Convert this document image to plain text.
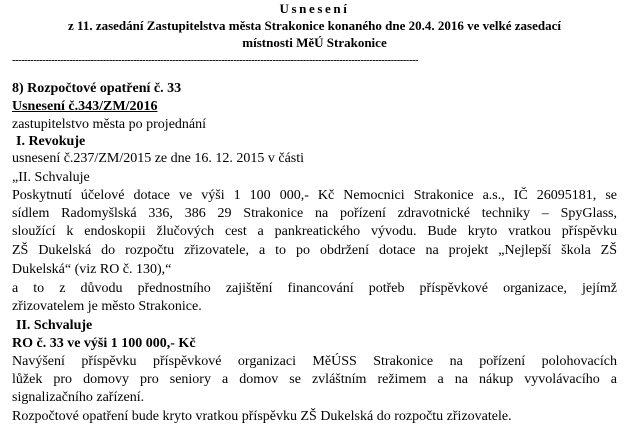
Usnesení
z 11. zasedání Zastupitelstva města Strakonice konaného dne 20.4. 2016 ve velké zasedací
místnosti MěÚ Strakonice
--------------------------------------------------------------------------------------------------------------------------------------
8) Rozpočtové opatření č. 33
Usnesení č.343/ZM/2016
zastupitelstvo města po projednání
I. Revokuje
usnesení č.237/ZM/2015 ze dne 16. 12. 2015 v části
„II. Schvaluje
Poskytnutí účelové dotace ve výši 1 100 000,- Kč Nemocnici Strakonice a.s., IČ 26095181, se
sídlem Radomyšlská 336, 386 29 Strakonice na pořízení zdravotnické techniky – SpyGlass,
sloužící k endoskopii žlučových cest a pankreatického vývodu. Bude kryto vratkou příspěvku
ZŠ Dukelská do rozpočtu zřizovatele, a to po obdržení dotace na projekt „Nejlepší škola ZŠ
Dukelská“ (viz RO č. 130),“
a to z důvodu přednostního zajištění financování potřeb příspěvkové organizace, jejímž
zřizovatelem je město Strakonice.
II. Schvaluje
RO č. 33 ve výši 1 100 000,- Kč
Navýšení příspěvku příspěvkové organizaci MěÚSS Strakonice na pořízení polohovacích
lůžek pro domovy pro seniory a domov se zvláštním režimem a na nákup vyvolávacího a
signalizačního zařízení.
Rozpočtové opatření bude kryto vratkou příspěvku ZŠ Dukelská do rozpočtu zřizovatele.
